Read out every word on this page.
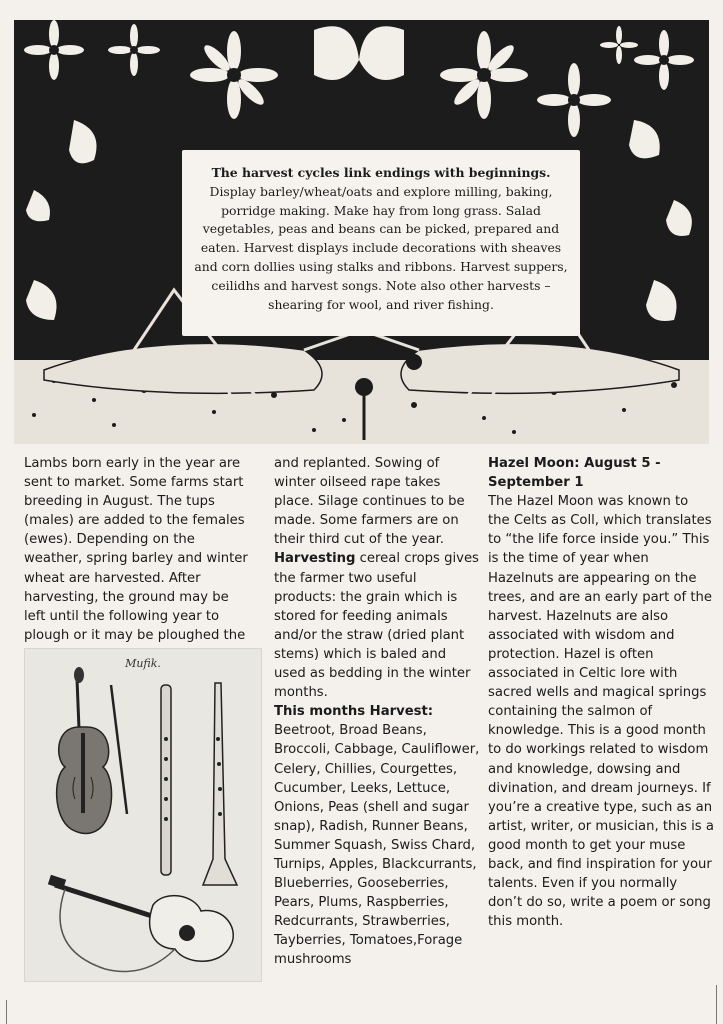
The harvest cycles link endings with beginnings. Display barley/wheat/oats and explore milling, baking, porridge making. Make hay from long grass. Salad vegetables, peas and beans can be picked, prepared and eaten. Harvest displays include decorations with sheaves and corn dollies using stalks and ribbons. Harvest suppers, ceilidhs and harvest songs. Note also other harvests – shearing for wool, and river fishing.

Lambs born early in the year are sent to market. Some farms start breeding in August. The tups (males) are added to the females (ewes). Depending on the weather, spring barley and winter wheat are harvested. After harvesting, the ground may be left until the following year to plough or it may be ploughed the

Mufik.

and replanted. Sowing of winter oilseed rape takes place. Silage continues to be made. Some farmers are on their third cut of the year. Harvesting cereal crops gives the farmer two useful products: the grain which is stored for feeding animals and/or the straw (dried plant stems) which is baled and used as bedding in the winter months.

This months Harvest:

Beetroot, Broad Beans, Broccoli, Cabbage, Cauliflower, Celery, Chillies, Courgettes, Cucumber, Leeks, Lettuce, Onions, Peas (shell and sugar snap), Radish, Runner Beans, Summer Squash, Swiss Chard, Turnips, Apples, Blackcurrants, Blueberries, Gooseberries, Pears, Plums, Raspberries, Redcurrants, Strawberries, Tayberries, Tomatoes,Forage mushrooms

Hazel Moon: August 5 - September 1

The Hazel Moon was known to the Celts as Coll, which translates to “the life force inside you.” This is the time of year when Hazelnuts are appearing on the trees, and are an early part of the harvest. Hazelnuts are also associated with wisdom and protection. Hazel is often associated in Celtic lore with sacred wells and magical springs containing the salmon of knowledge. This is a good month to do workings related to wisdom and knowledge, dowsing and divination, and dream journeys. If you’re a creative type, such as an artist, writer, or musician, this is a good month to get your muse back, and find inspiration for your talents. Even if you normally don’t do so, write a poem or song this month.
